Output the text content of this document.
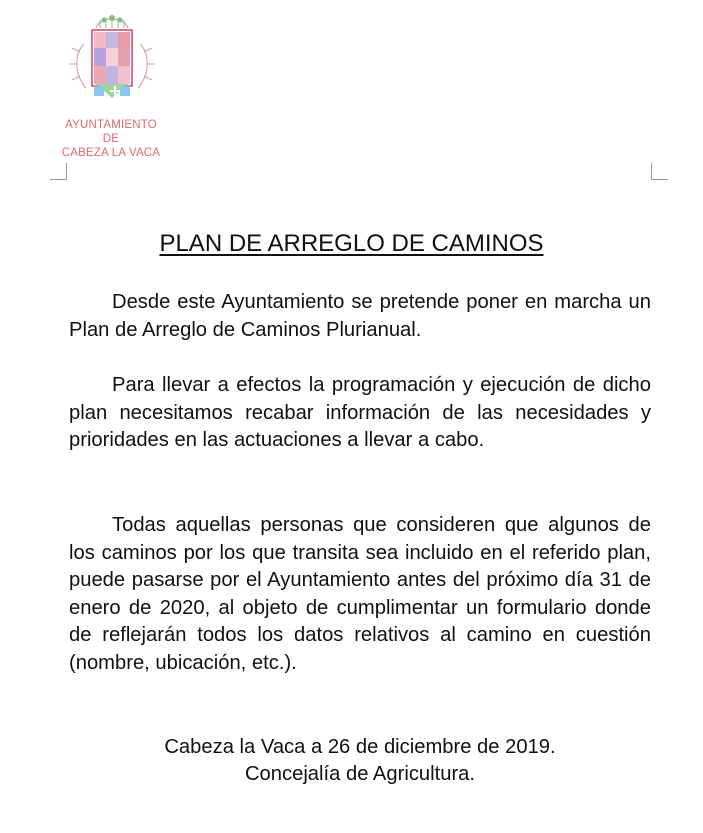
AYUNTAMIENTO
DE
CABEZA LA VACA
PLAN DE ARREGLO DE CAMINOS

Desde este Ayuntamiento se pretende poner en marcha un Plan de Arreglo de Caminos Plurianual.

Para llevar a efectos la programación y ejecución de dicho plan necesitamos recabar información de las necesidades y prioridades en las actuaciones a llevar a cabo.

Todas aquellas personas que consideren que algunos de los caminos por los que transita sea incluido en el referido plan, puede pasarse por el Ayuntamiento antes del próximo día 31 de enero de 2020, al objeto de cumplimentar un formulario donde de reflejarán todos los datos relativos al camino en cuestión (nombre, ubicación, etc.).

Cabeza la Vaca a 26 de diciembre de 2019.
Concejalía de Agricultura.
